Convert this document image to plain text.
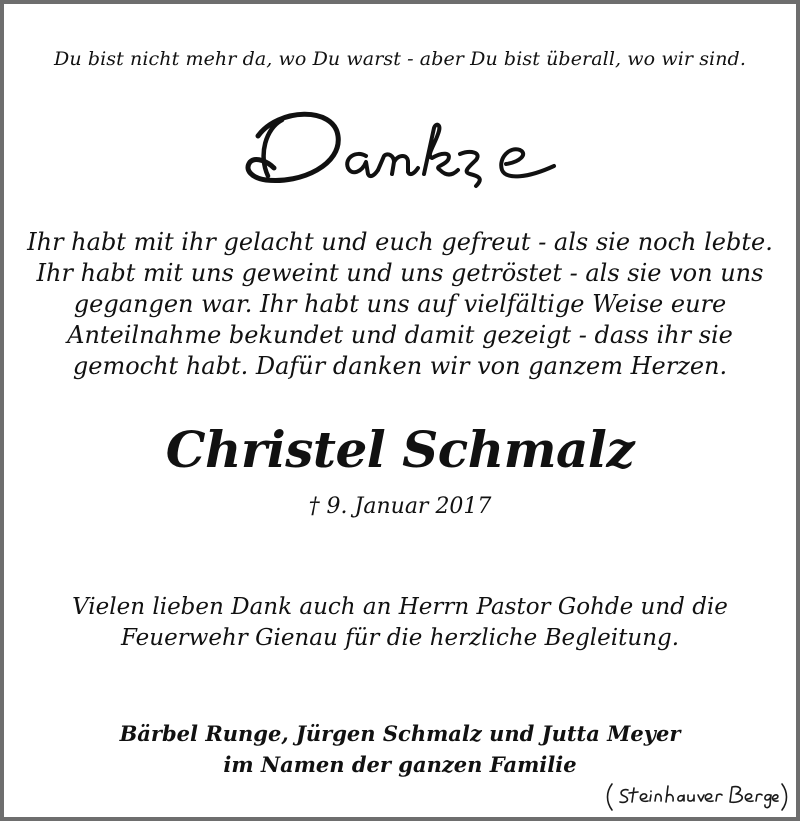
Du bist nicht mehr da, wo Du warst - aber Du bist überall, wo wir sind.
Ihr habt mit ihr gelacht und euch gefreut - als sie noch lebte.
Ihr habt mit uns geweint und uns getröstet - als sie von uns
gegangen war. Ihr habt uns auf vielfältige Weise eure
Anteilnahme bekundet und damit gezeigt - dass ihr sie
gemocht habt. Dafür danken wir von ganzem Herzen.
Christel Schmalz
† 9. Januar 2017
Vielen lieben Dank auch an Herrn Pastor Gohde und die
Feuerwehr Gienau für die herzliche Begleitung.
Bärbel Runge, Jürgen Schmalz und Jutta Meyer
im Namen der ganzen Familie
